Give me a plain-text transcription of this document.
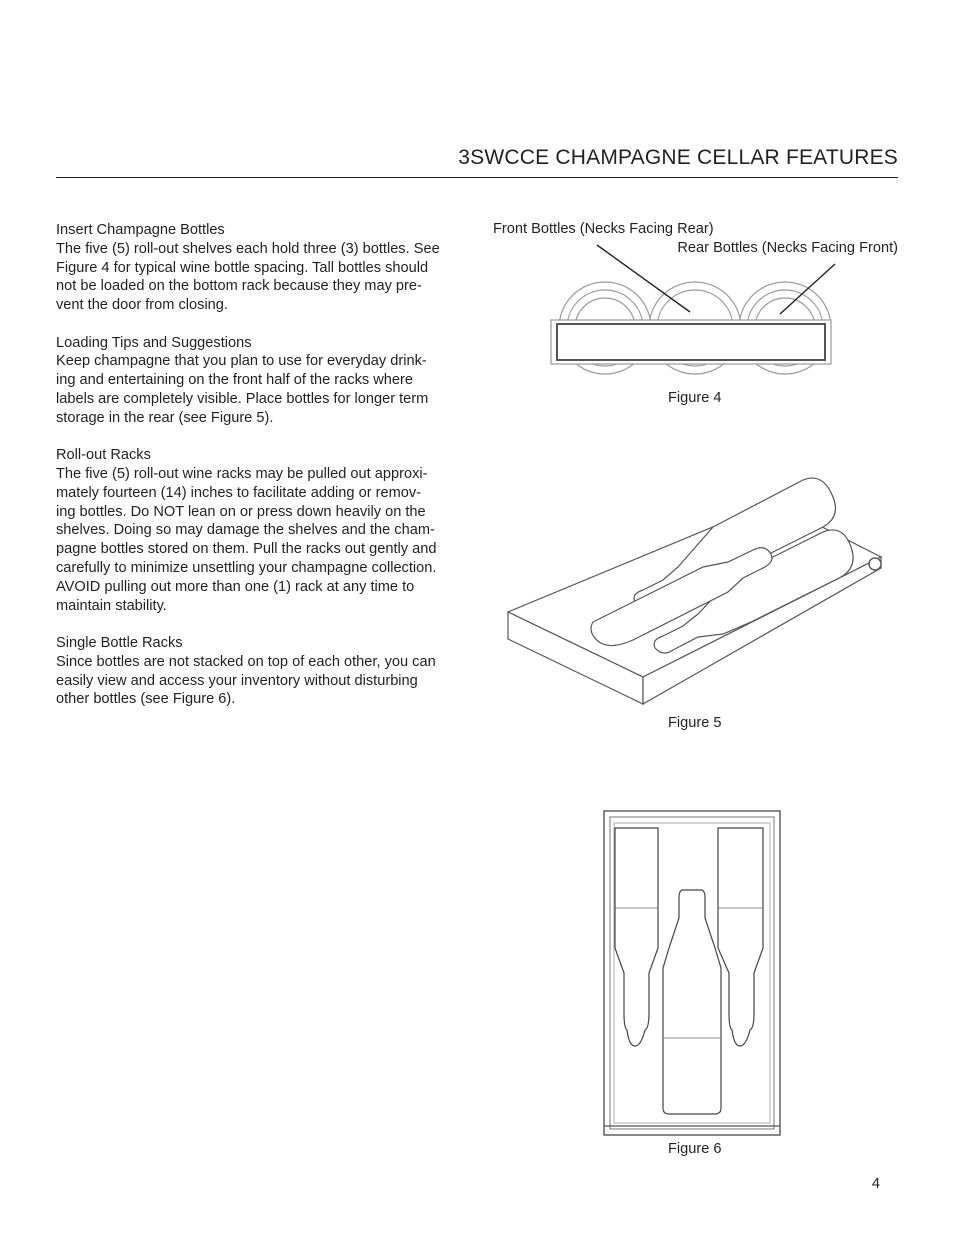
3SWCCE CHAMPAGNE CELLAR FEATURES
Insert Champagne Bottles

The five (5) roll-out shelves each hold three (3) bottles. See
Figure 4 for typical wine bottle spacing. Tall bottles should
not be loaded on the bottom rack because they may pre-
vent the door from closing.

Loading Tips and Suggestions

Keep champagne that you plan to use for everyday drink-
ing and entertaining on the front half of the racks where
labels are completely visible. Place bottles for longer term
storage in the rear (see Figure 5).

Roll-out Racks

The five (5) roll-out wine racks may be pulled out approxi-
mately fourteen (14) inches to facilitate adding or remov-
ing bottles. Do NOT lean on or press down heavily on the
shelves. Doing so may damage the shelves and the cham-
pagne bottles stored on them. Pull the racks out gently and
carefully to minimize unsettling your champagne collection.
AVOID pulling out more than one (1) rack at any time to
maintain stability.

Single Bottle Racks

Since bottles are not stacked on top of each other, you can
easily view and access your inventory without disturbing
other bottles (see Figure 6).

Front Bottles (Necks Facing Rear)
Rear Bottles (Necks Facing Front)
Figure 4
Figure 5
Figure 6
4
